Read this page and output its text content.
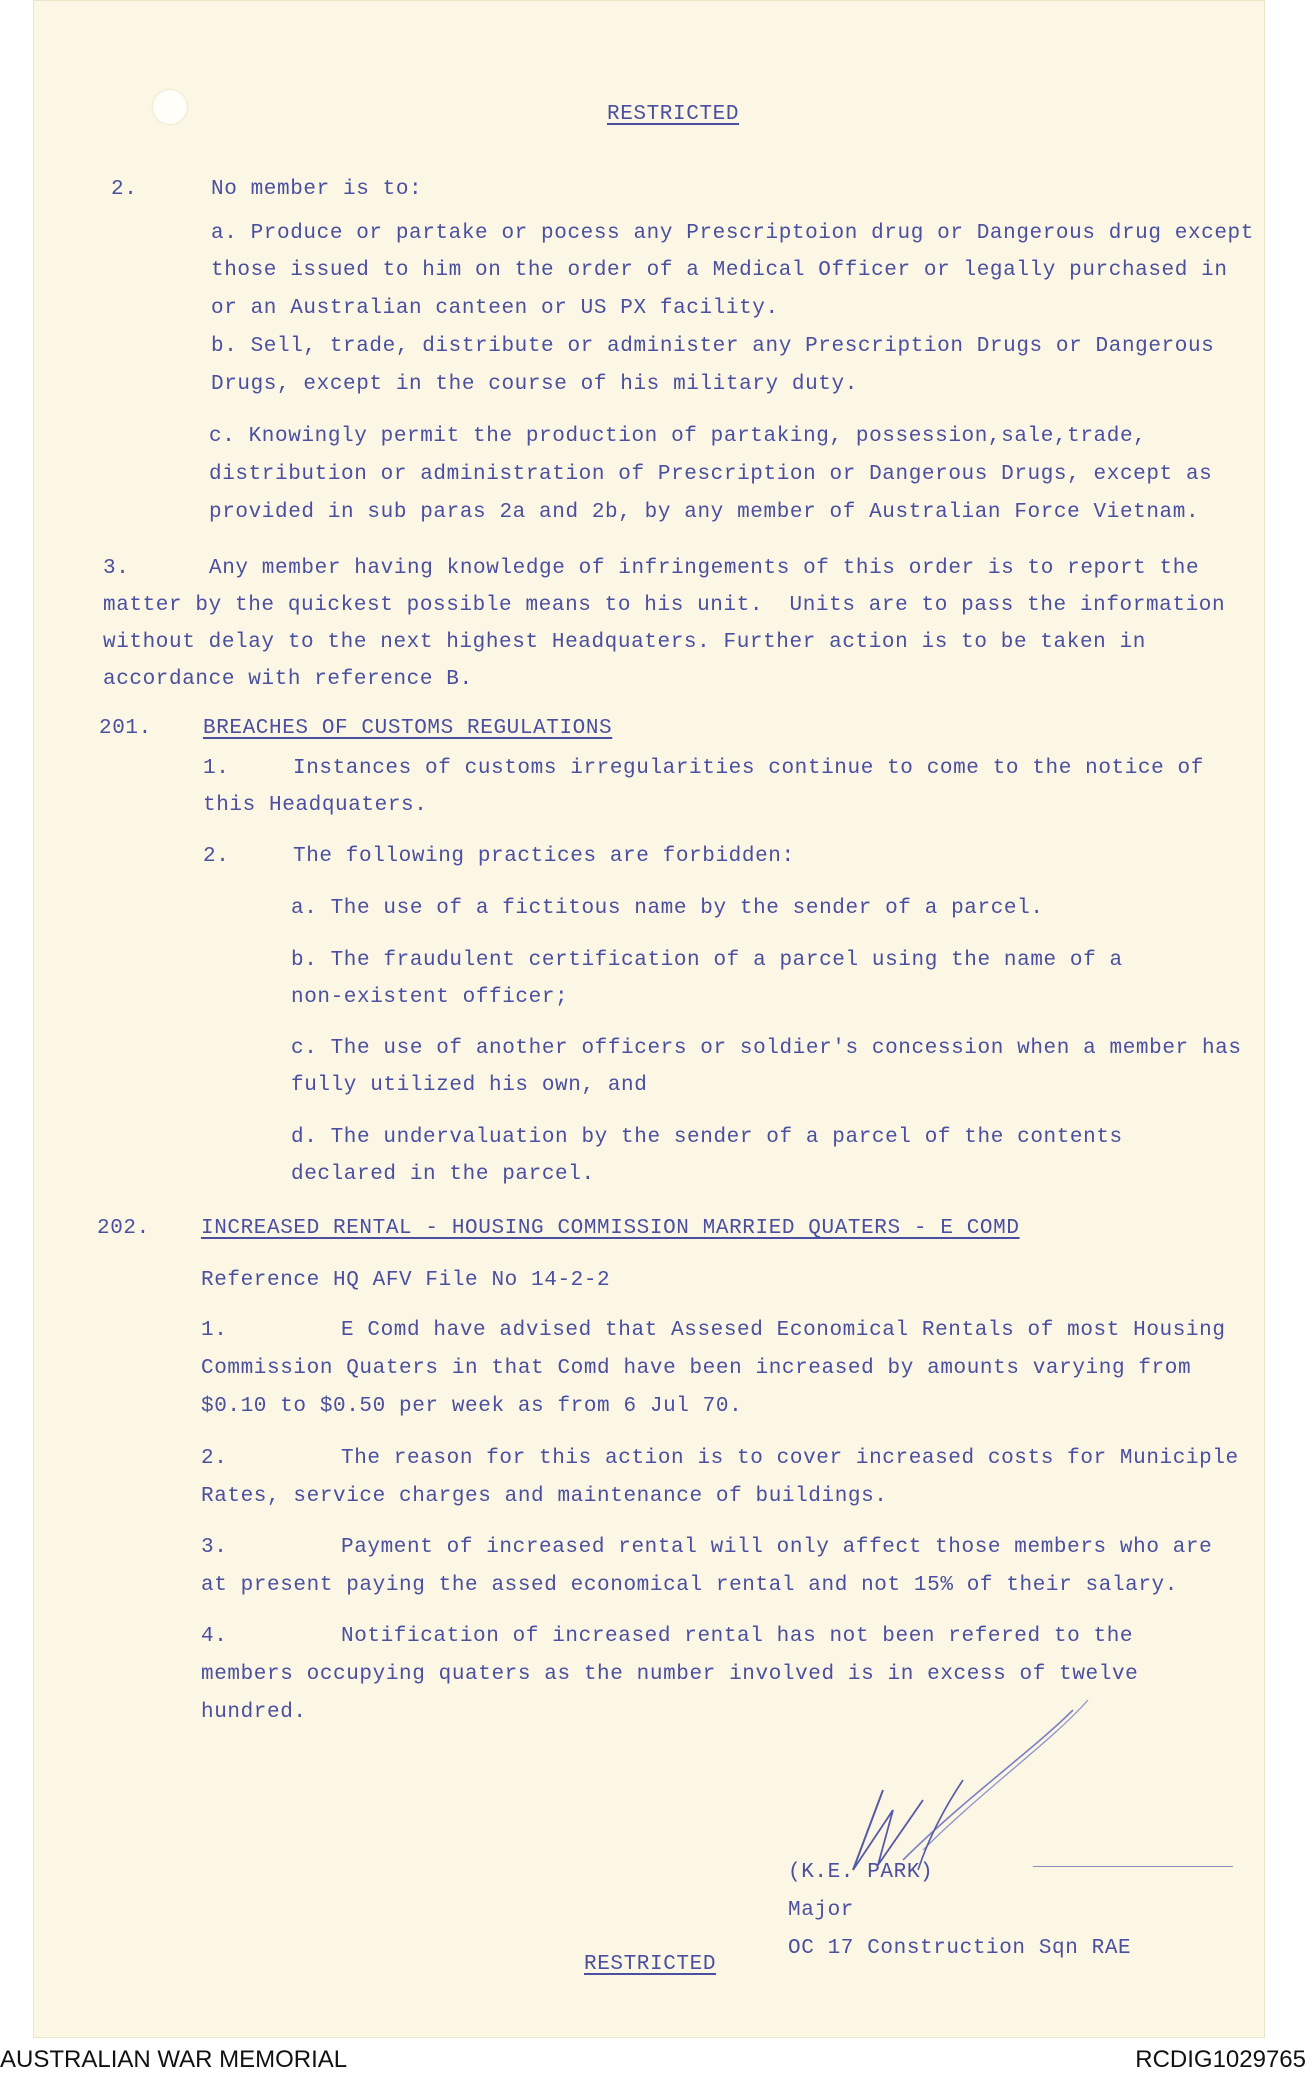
RESTRICTED
2.	No member is to:
a. Produce or partake or pocess any Prescriptoion drug or Dangerous drug except
those issued to him on the order of a Medical Officer or legally purchased in
or an Australian canteen or US PX facility.
b. Sell, trade, distribute or administer any Prescription Drugs or Dangerous
Drugs, except in the course of his military duty.
c. Knowingly permit the production of partaking, possession,sale,trade,
distribution or administration of Prescription or Dangerous Drugs, except as
provided in sub paras 2a and 2b, by any member of Australian Force Vietnam.
3.	Any member having knowledge of infringements of this order is to report the
matter by the quickest possible means to his unit.  Units are to pass the information
without delay to the next highest Headquaters. Further action is to be taken in
accordance with reference B.
201. BREACHES OF CUSTOMS REGULATIONS
1.	Instances of customs irregularities continue to come to the notice of
this Headquaters.
2.	The following practices are forbidden:
a. The use of a fictitous name by the sender of a parcel.
b. The fraudulent certification of a parcel using the name of a
non-existent officer;
c. The use of another officers or soldier's concession when a member has
fully utilized his own, and
d. The undervaluation by the sender of a parcel of the contents
declared in the parcel.
202. INCREASED RENTAL - HOUSING COMMISSION MARRIED QUATERS - E COMD
Reference HQ AFV File No 14-2-2
1.	E Comd have advised that Assesed Economical Rentals of most Housing
Commission Quaters in that Comd have been increased by amounts varying from
$0.10 to $0.50 per week as from 6 Jul 70.
2.	The reason for this action is to cover increased costs for Municiple
Rates, service charges and maintenance of buildings.
3.	Payment of increased rental will only affect those members who are
at present paying the assed economical rental and not 15% of their salary.
4.	Notification of increased rental has not been refered to the
members occupying quaters as the number involved is in excess of twelve
hundred.
(K.E. PARK)
Major
OC 17 Construction Sqn RAE
RESTRICTED
AUSTRALIAN WAR MEMORIAL	RCDIG1029765
